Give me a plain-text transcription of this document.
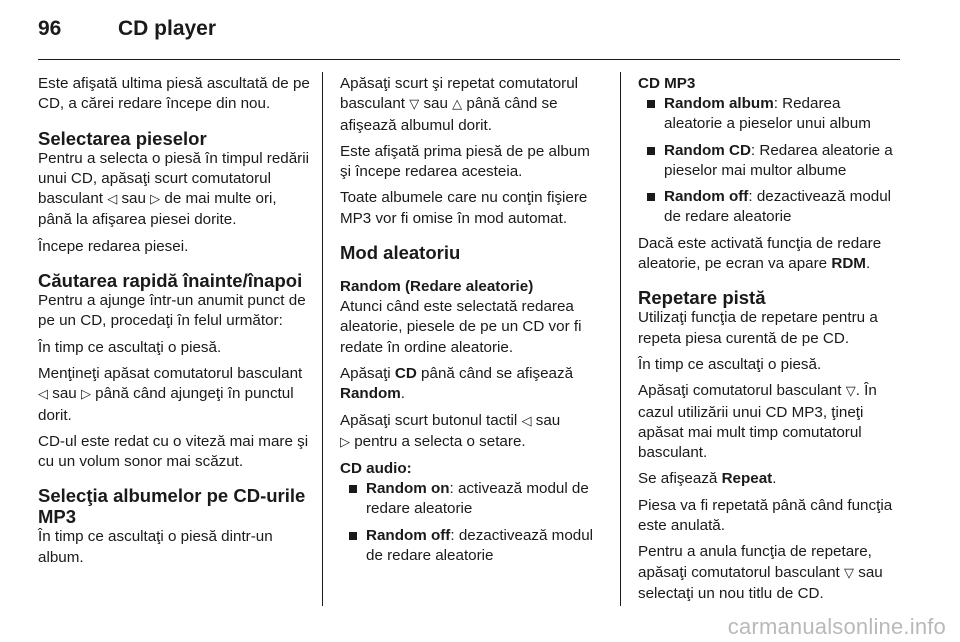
96	CD player

Este afişată ultima piesă ascultată de pe CD, a cărei redare începe din nou.

Selectarea pieselor

Pentru a selecta o piesă în timpul redării unui CD, apăsaţi scurt comutatorul basculant ◁ sau ▷ de mai multe ori, până la afişarea piesei dorite.

Începe redarea piesei.

Căutarea rapidă înainte/înapoi

Pentru a ajunge într-un anumit punct de pe un CD, procedaţi în felul următor:

În timp ce ascultaţi o piesă.

Menţineţi apăsat comutatorul basculant ◁ sau ▷ până când ajungeţi în punctul dorit.

CD-ul este redat cu o viteză mai mare şi cu un volum sonor mai scăzut.

Selecţia albumelor pe CD-urile MP3

În timp ce ascultaţi o piesă dintr-un album.

Apăsaţi scurt şi repetat comutatorul basculant ▽ sau △ până când se afişează albumul dorit.

Este afişată prima piesă de pe album şi începe redarea acesteia.

Toate albumele care nu conţin fişiere MP3 vor fi omise în mod automat.

Mod aleatoriu
Random (Redare aleatorie)

Atunci când este selectată redarea aleatorie, piesele de pe un CD vor fi redate în ordine aleatorie.

Apăsaţi CD până când se afişează Random.

Apăsaţi scurt butonul tactil ◁ sau
▷ pentru a selecta o setare.

CD audio:
Random on: activează modul de redare aleatorie
Random off: dezactivează modul de redare aleatorie
CD MP3
Random album: Redarea aleatorie a pieselor unui album
Random CD: Redarea aleatorie a pieselor mai multor albume
Random off: dezactivează modul de redare aleatorie

Dacă este activată funcţia de redare aleatorie, pe ecran va apare RDM.

Repetare pistă

Utilizaţi funcţia de repetare pentru a repeta piesa curentă de pe CD.

În timp ce ascultaţi o piesă.

Apăsaţi comutatorul basculant ▽. În cazul utilizării unui CD MP3, ţineţi apăsat mai mult timp comutatorul basculant.

Se afişează Repeat.

Piesa va fi repetată până când funcţia este anulată.

Pentru a anula funcţia de repetare, apăsaţi comutatorul basculant ▽ sau selectaţi un nou titlu de CD.

carmanualsonline.info
